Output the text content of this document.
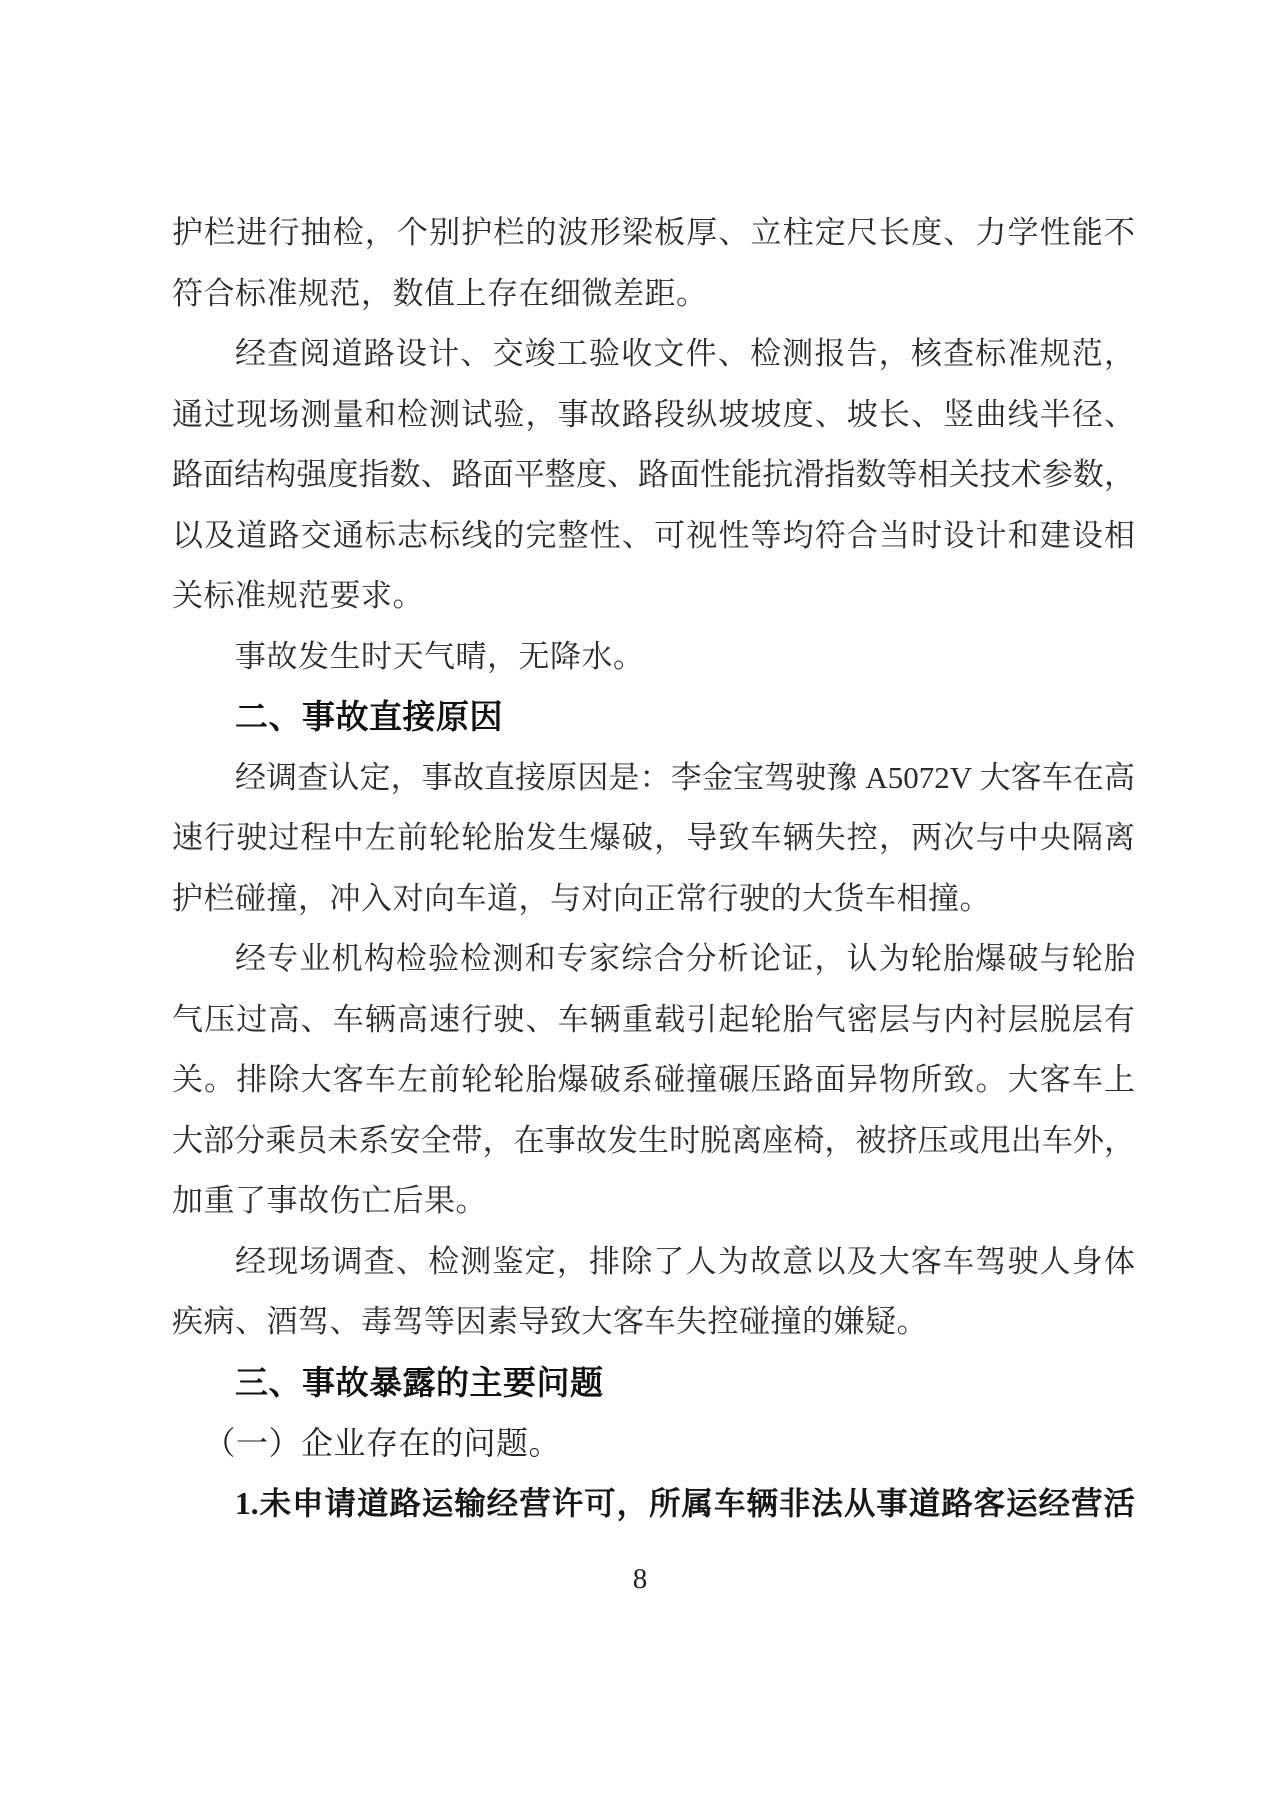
护栏进行抽检，个别护栏的波形梁板厚、立柱定尺长度、力学性能不
符合标准规范，数值上存在细微差距。
经查阅道路设计、交竣工验收文件、检测报告，核查标准规范，
通过现场测量和检测试验，事故路段纵坡坡度、坡长、竖曲线半径、
路面结构强度指数、路面平整度、路面性能抗滑指数等相关技术参数，
以及道路交通标志标线的完整性、可视性等均符合当时设计和建设相
关标准规范要求。
事故发生时天气晴，无降水。
二、事故直接原因
经调查认定，事故直接原因是：李金宝驾驶豫 A5072V 大客车在高
速行驶过程中左前轮轮胎发生爆破，导致车辆失控，两次与中央隔离
护栏碰撞，冲入对向车道，与对向正常行驶的大货车相撞。
经专业机构检验检测和专家综合分析论证，认为轮胎爆破与轮胎
气压过高、车辆高速行驶、车辆重载引起轮胎气密层与内衬层脱层有
关。排除大客车左前轮轮胎爆破系碰撞碾压路面异物所致。大客车上
大部分乘员未系安全带，在事故发生时脱离座椅，被挤压或甩出车外，
加重了事故伤亡后果。
经现场调查、检测鉴定，排除了人为故意以及大客车驾驶人身体
疾病、酒驾、毒驾等因素导致大客车失控碰撞的嫌疑。
三、事故暴露的主要问题
（一）企业存在的问题。
1.未申请道路运输经营许可，所属车辆非法从事道路客运经营活
8
